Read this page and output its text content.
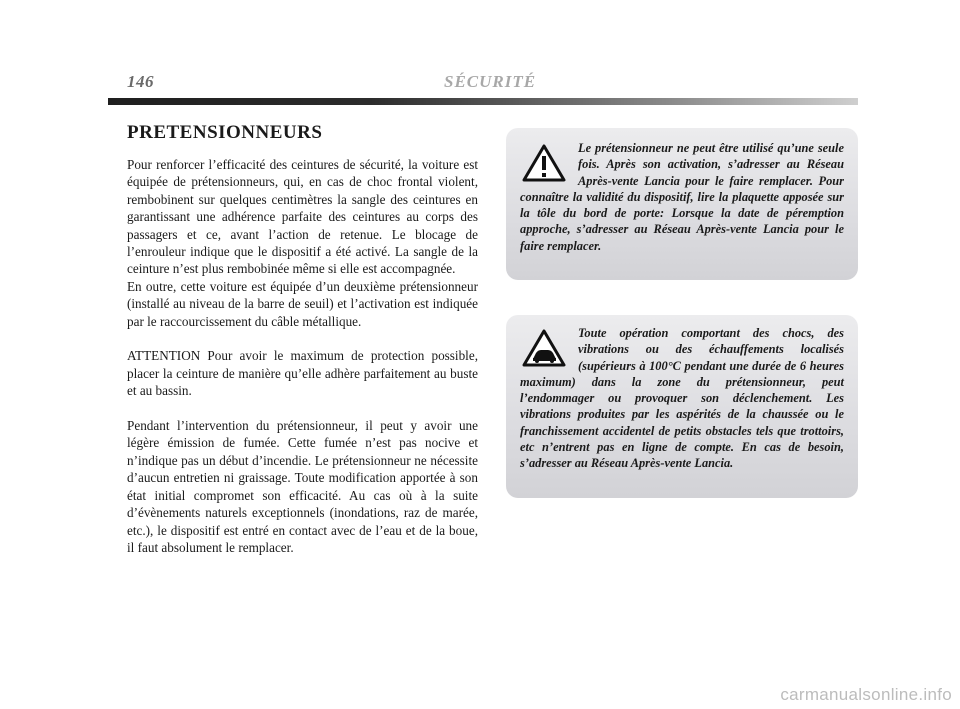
146	SÉCURITÉ
PRETENSIONNEURS

Pour renforcer l’efficacité des ceintures de sécurité, la voiture est équipée de prétensionneurs, qui, en cas de choc frontal violent, rembobinent sur quelques centimètres la sangle des ceintures en garantissant une adhérence parfaite des ceintures au corps des passagers et ce, avant l’action de retenue. Le blocage de l’enrouleur indique que le dispositif a été activé. La sangle de la ceinture n’est plus rembobinée même si elle est accompagnée.

En outre, cette voiture est équipée d’un deuxième prétensionneur (installé au niveau de la barre de seuil) et l’activation est indiquée par le raccourcissement du câble métallique.

ATTENTION Pour avoir le maximum de protection possible, placer la ceinture de manière qu’elle adhère parfaitement au buste et au bassin.

Pendant l’intervention du prétensionneur, il peut y avoir une légère émission de fumée. Cette fumée n’est pas nocive et n’indique pas un début d’incendie. Le prétensionneur ne nécessite d’aucun entretien ni graissage. Toute modification apportée à son état initial compromet son efficacité. Au cas où à la suite d’évènements naturels exceptionnels (inondations, raz de marée, etc.), le dispositif est entré en contact avec de l’eau et de la boue, il faut absolument le remplacer.

Le prétensionneur ne peut être utilisé qu’une seule fois. Après son activation, s’adresser au Réseau Après-vente Lancia pour le faire remplacer. Pour connaître la validité du dispositif, lire la plaquette apposée sur la tôle du bord de porte: Lorsque la date de péremption approche, s’adresser au Réseau Après-vente Lancia pour le faire remplacer.

Toute opération comportant des chocs, des vibrations ou des échauffements localisés (supérieurs à 100°C pendant une durée de 6 heures maximum) dans la zone du prétensionneur, peut l’endommager ou provoquer son déclenchement. Les vibrations produites par les aspérités de la chaussée ou le franchissement accidentel de petits obstacles tels que trottoirs, etc n’entrent pas en ligne de compte. En cas de besoin, s’adresser au Réseau Après-vente Lancia.

carmanualsonline.info
